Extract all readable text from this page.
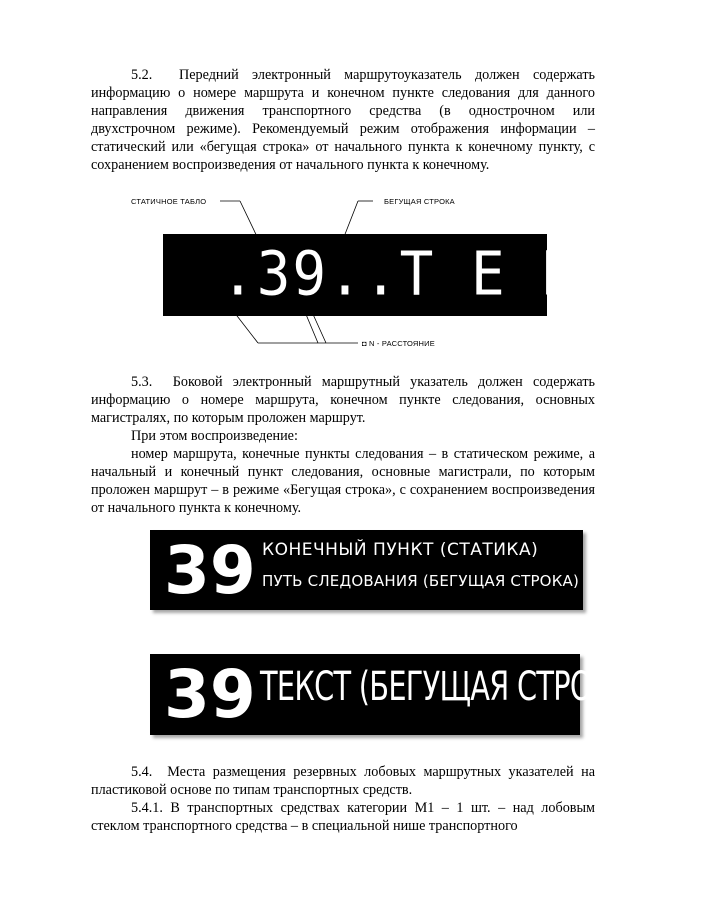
5.2.  Передний электронный маршрутоуказатель должен содержать информацию о номере маршрута и конечном пункте следования для данного направления движения транспортного средства (в однострочном или двухстрочном режиме). Рекомендуемый режим отображения информации – статический или «бегущая строка» от начального пункта к конечному пункту, с сохранением воспроизведения от начального пункта к конечному.

СТАТИЧНОЕ ТАБЛО	БЕГУЩАЯ СТРОКА
.39..Т Е К С Т
◘ N - РАССТОЯНИЕ

5.3.  Боковой электронный маршрутный указатель должен содержать информацию о номере маршрута, конечном пункте следования, основных магистралях, по которым проложен маршрут.

При этом воспроизведение:

номер маршрута, конечные пункты следования – в статическом режиме, а начальный и конечный пункт следования, основные магистрали, по которым проложен маршрут – в режиме «Бегущая строка», с сохранением воспроизведения от начального пункта к конечному.

39 КОНЕЧНЫЙ ПУНКТ (СТАТИКА)
ПУТЬ СЛЕДОВАНИЯ (БЕГУЩАЯ СТРОКА)
39 ТЕКСТ (БЕГУЩАЯ СТРОКА)

5.4.  Места размещения резервных лобовых маршрутных указателей на пластиковой основе по типам транспортных средств.

5.4.1. В транспортных средствах категории М1 – 1 шт. – над лобовым стеклом транспортного средства – в специальной нише транспортного
